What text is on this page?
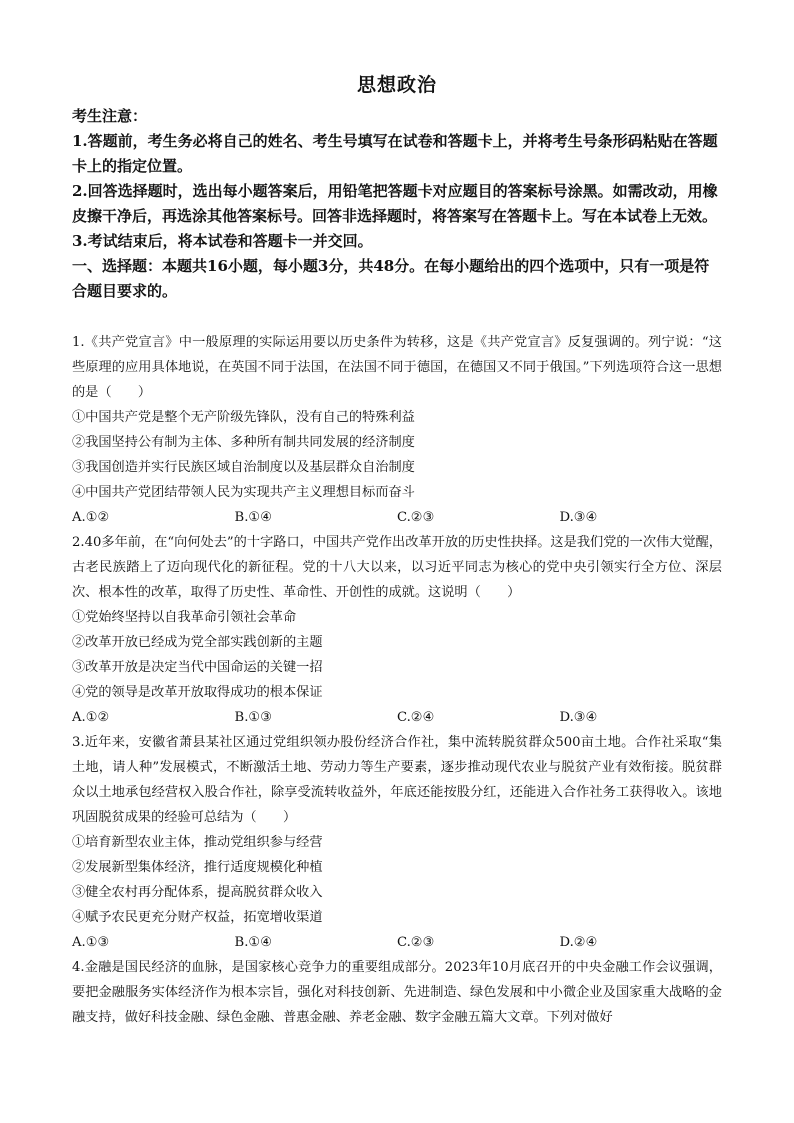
思想政治

考生注意：

1.答题前，考生务必将自己的姓名、考生号填写在试卷和答题卡上，并将考生号条形码粘贴在答题卡上的指定位置。

2.回答选择题时，选出每小题答案后，用铅笔把答题卡对应题目的答案标号涂黑。如需改动，用橡皮擦干净后，再选涂其他答案标号。回答非选择题时，将答案写在答题卡上。写在本试卷上无效。

3.考试结束后，将本试卷和答题卡一并交回。

一、选择题：本题共16小题，每小题3分，共48分。在每小题给出的四个选项中，只有一项是符合题目要求的。

1.《共产党宣言》中一般原理的实际运用要以历史条件为转移，这是《共产党宣言》反复强调的。列宁说：“这些原理的应用具体地说，在英国不同于法国，在法国不同于德国，在德国又不同于俄国。”下列选项符合这一思想的是（　　）

①中国共产党是整个无产阶级先锋队，没有自己的特殊利益

②我国坚持公有制为主体、多种所有制共同发展的经济制度

③我国创造并实行民族区域自治制度以及基层群众自治制度

④中国共产党团结带领人民为实现共产主义理想目标而奋斗

A.①②	B.①④	C.②③	D.③④

2.40多年前，在“向何处去”的十字路口，中国共产党作出改革开放的历史性抉择。这是我们党的一次伟大觉醒，古老民族踏上了迈向现代化的新征程。党的十八大以来，以习近平同志为核心的党中央引领实行全方位、深层次、根本性的改革，取得了历史性、革命性、开创性的成就。这说明（　　）

①党始终坚持以自我革命引领社会革命

②改革开放已经成为党全部实践创新的主题

③改革开放是决定当代中国命运的关键一招

④党的领导是改革开放取得成功的根本保证

A.①②	B.①③	C.②④	D.③④

3.近年来，安徽省萧县某社区通过党组织领办股份经济合作社，集中流转脱贫群众500亩土地。合作社采取“集土地，请人种”发展模式，不断激活土地、劳动力等生产要素，逐步推动现代农业与脱贫产业有效衔接。脱贫群众以土地承包经营权入股合作社，除享受流转收益外，年底还能按股分红，还能进入合作社务工获得收入。该地巩固脱贫成果的经验可总结为（　　）

①培育新型农业主体，推动党组织参与经营

②发展新型集体经济，推行适度规模化种植

③健全农村再分配体系，提高脱贫群众收入

④赋予农民更充分财产权益，拓宽增收渠道

A.①③	B.①④	C.②③	D.②④

4.金融是国民经济的血脉，是国家核心竞争力的重要组成部分。2023年10月底召开的中央金融工作会议强调，要把金融服务实体经济作为根本宗旨，强化对科技创新、先进制造、绿色发展和中小微企业及国家重大战略的金融支持，做好科技金融、绿色金融、普惠金融、养老金融、数字金融五篇大文章。下列对做好
